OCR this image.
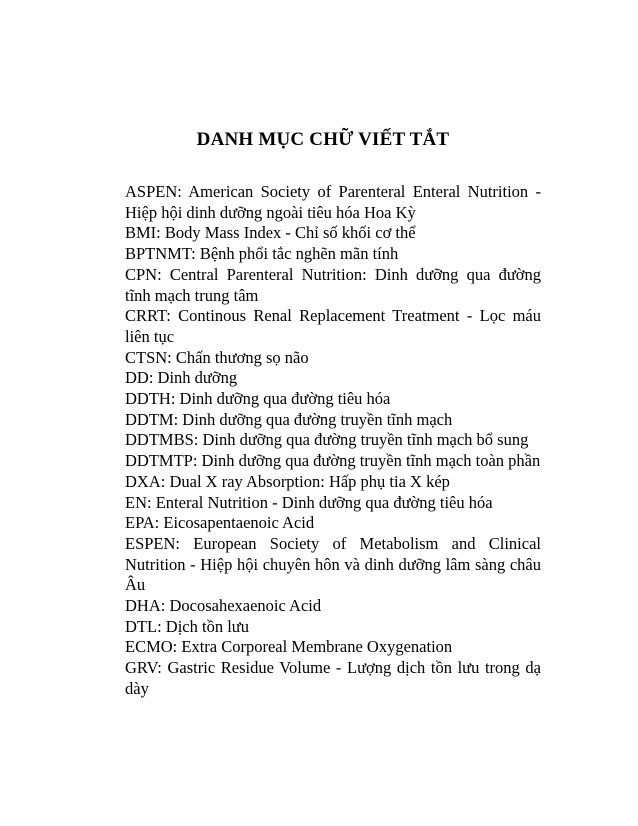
DANH MỤC CHỮ VIẾT TẮT

ASPEN: American Society of Parenteral Enteral Nutrition - Hiệp hội dinh dưỡng ngoài tiêu hóa Hoa Kỳ

BMI: Body Mass Index - Chỉ số khối cơ thể

BPTNMT: Bệnh phổi tắc nghẽn mãn tính

CPN: Central Parenteral Nutrition: Dinh dưỡng qua đường tĩnh mạch trung tâm

CRRT: Continous Renal Replacement Treatment - Lọc máu liên tục

CTSN: Chấn thương sọ não

DD: Dinh dưỡng

DDTH: Dinh dưỡng qua đường tiêu hóa

DDTM: Dinh dưỡng qua đường truyền tĩnh mạch

DDTMBS: Dinh dưỡng qua đường truyền tĩnh mạch bổ sung

DDTMTP: Dinh dưỡng qua đường truyền tĩnh mạch toàn phần

DXA: Dual X ray Absorption: Hấp phụ tia X kép

EN: Enteral Nutrition - Dinh dưỡng qua đường tiêu hóa

EPA: Eicosapentaenoic Acid

ESPEN: European Society of Metabolism and Clinical Nutrition - Hiệp hội chuyên hôn và dinh dưỡng lâm sàng châu Âu

DHA: Docosahexaenoic Acid

DTL: Dịch tồn lưu

ECMO: Extra Corporeal Membrane Oxygenation

GRV: Gastric Residue Volume - Lượng dịch tồn lưu trong dạ dày
